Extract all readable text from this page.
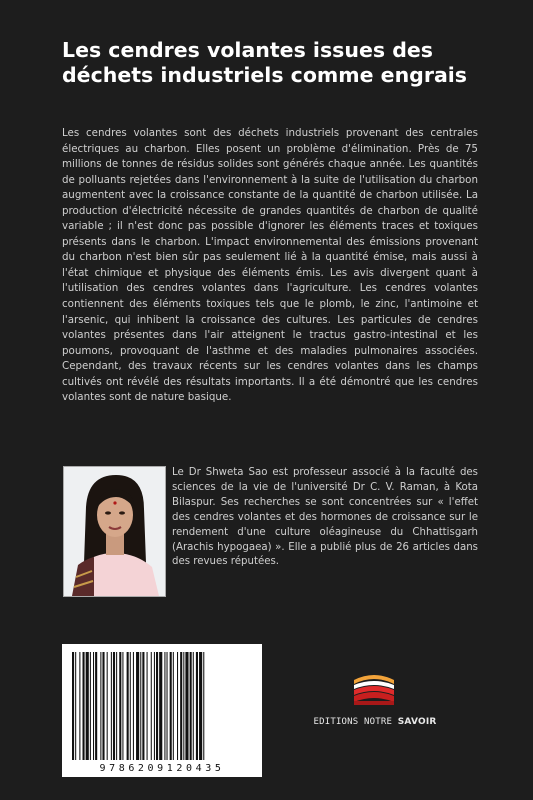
Les cendres volantes issues des déchets industriels comme engrais

Les cendres volantes sont des déchets industriels provenant des centrales électriques au charbon. Elles posent un problème d'élimination. Près de 75 millions de tonnes de résidus solides sont générés chaque année. Les quantités de polluants rejetées dans l'environnement à la suite de l'utilisation du charbon augmentent avec la croissance constante de la quantité de charbon utilisée. La production d'électricité nécessite de grandes quantités de charbon de qualité variable ; il n'est donc pas possible d'ignorer les éléments traces et toxiques présents dans le charbon. L'impact environnemental des émissions provenant du charbon n'est bien sûr pas seulement lié à la quantité émise, mais aussi à l'état chimique et physique des éléments émis. Les avis divergent quant à l'utilisation des cendres volantes dans l'agriculture. Les cendres volantes contiennent des éléments toxiques tels que le plomb, le zinc, l'antimoine et l'arsenic, qui inhibent la croissance des cultures. Les particules de cendres volantes présentes dans l'air atteignent le tractus gastro-intestinal et les poumons, provoquant de l'asthme et des maladies pulmonaires associées. Cependant, des travaux récents sur les cendres volantes dans les champs cultivés ont révélé des résultats importants. Il a été démontré que les cendres volantes sont de nature basique.

Le Dr Shweta Sao est professeur associé à la faculté des sciences de la vie de l'université Dr C. V. Raman, à Kota Bilaspur. Ses recherches se sont concentrées sur « l'effet des cendres volantes et des hormones de croissance sur le rendement d'une culture oléagineuse du Chhattisgarh (Arachis hypogaea) ». Elle a publié plus de 26 articles dans des revues réputées.

9786209120435
EDITIONS NOTRE SAVOIR
